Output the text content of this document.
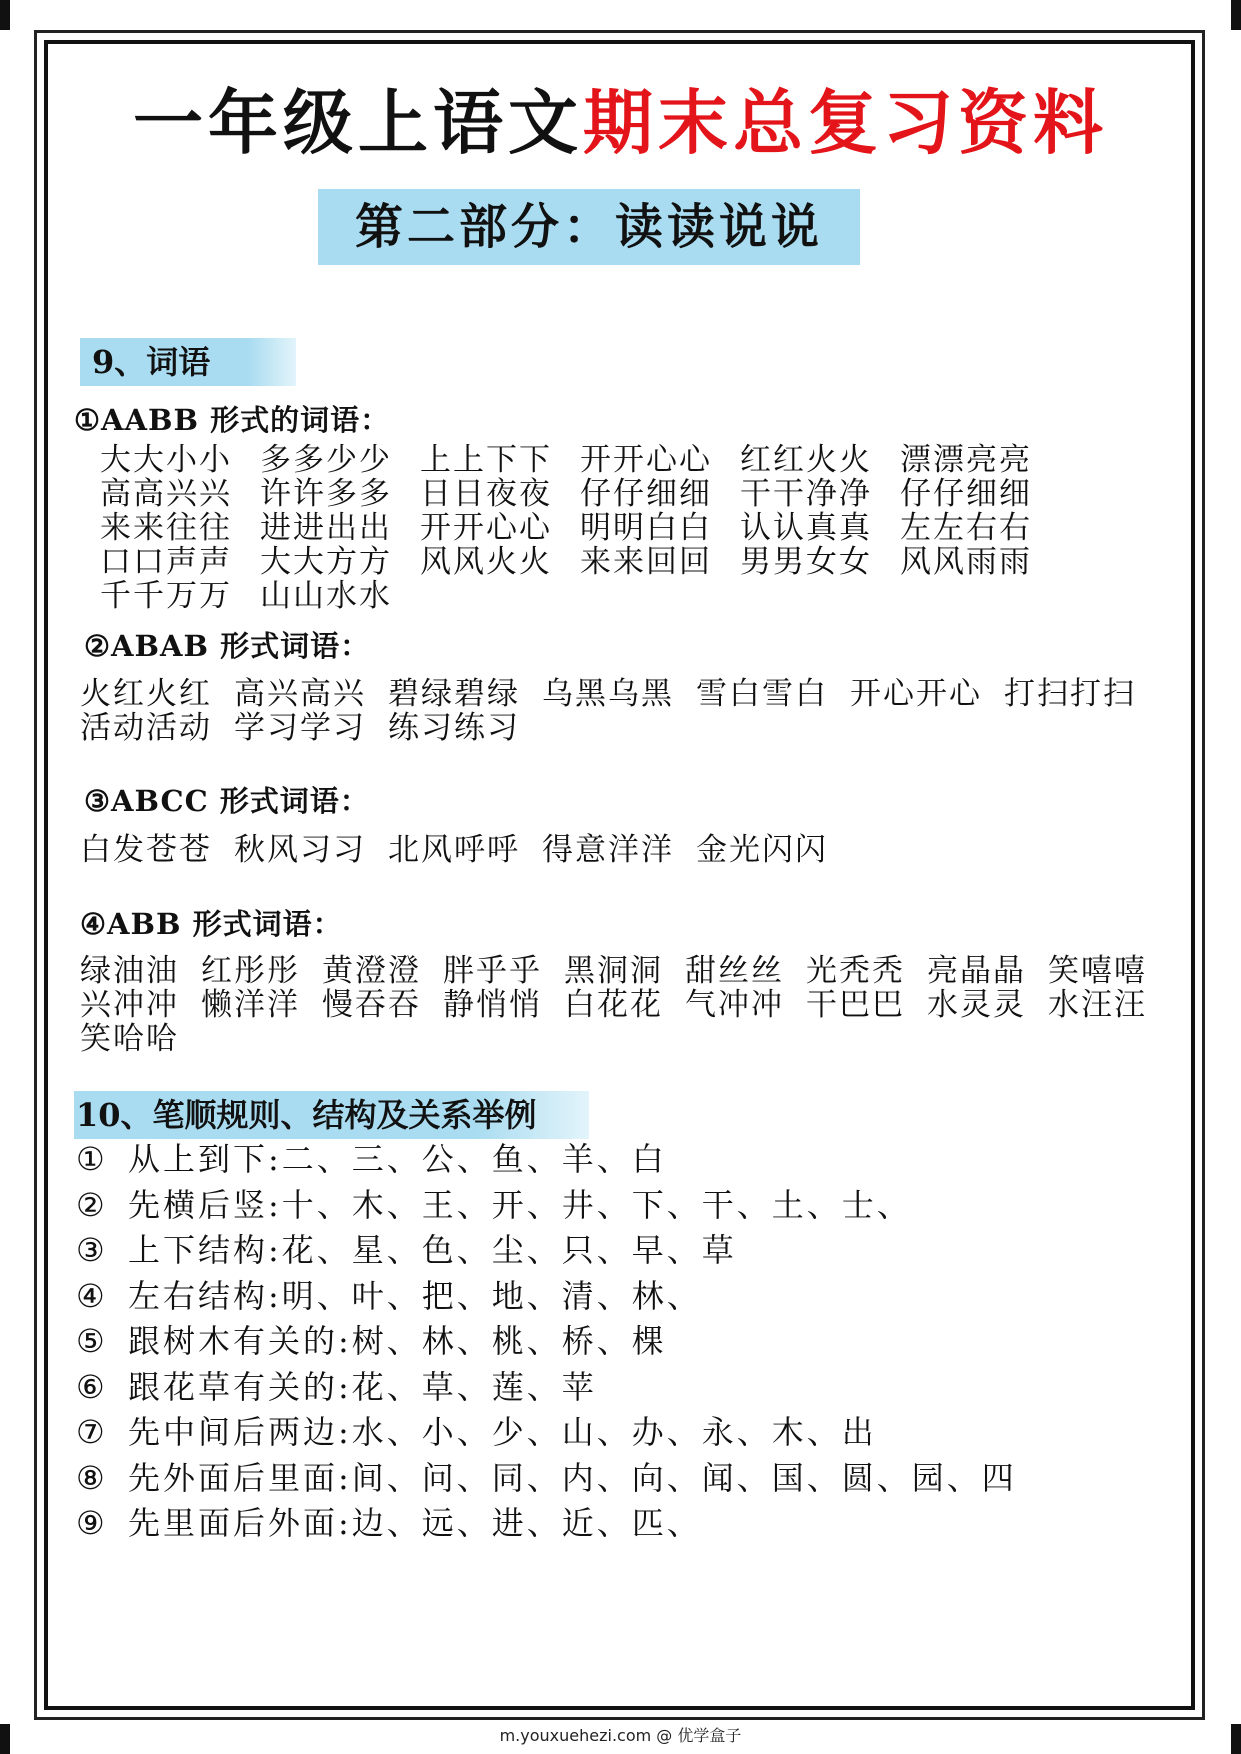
一年级上语文期末总复习资料
第二部分：读读说说
9、词语
①AABB 形式的词语：
大大小小 多多少少 上上下下 开开心心 红红火火 漂漂亮亮
高高兴兴 许许多多 日日夜夜 仔仔细细 干干净净 仔仔细细
来来往往 进进出出 开开心心 明明白白 认认真真 左左右右
口口声声 大大方方 风风火火 来来回回 男男女女 风风雨雨
千千万万 山山水水
②ABAB 形式词语：
火红火红 高兴高兴 碧绿碧绿 乌黑乌黑 雪白雪白 开心开心 打扫打扫活动活动 学习学习 练习练习
③ABCC 形式词语：
白发苍苍 秋风习习 北风呼呼 得意洋洋 金光闪闪
④ABB 形式词语：
绿油油 红彤彤 黄澄澄 胖乎乎 黑洞洞 甜丝丝 光秃秃 亮晶晶 笑嘻嘻兴冲冲 懒洋洋 慢吞吞 静悄悄 白花花 气冲冲 干巴巴 水灵灵 水汪汪笑哈哈
10、笔顺规则、结构及关系举例
① 从上到下:二、三、公、鱼、羊、白
② 先横后竖:十、木、王、开、井、下、干、土、士、
③ 上下结构:花、星、色、尘、只、早、草
④ 左右结构:明、叶、把、地、清、林、
⑤ 跟树木有关的:树、林、桃、桥、棵
⑥ 跟花草有关的:花、草、莲、苹
⑦ 先中间后两边:水、小、少、山、办、永、木、出
⑧ 先外面后里面:间、问、同、内、向、闻、国、圆、园、四
⑨ 先里面后外面:边、远、进、近、匹、
m.youxuehezi.com @ 优学盒子
